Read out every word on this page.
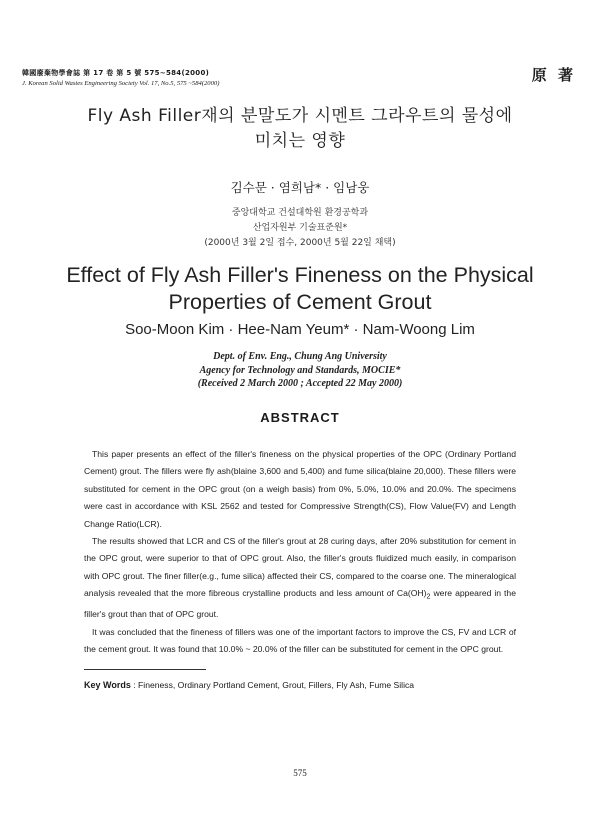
韓國廢棄物學會誌 第 17 卷 第 5 號 575~584(2000)
J. Korean Solid Wastes Engineering Society Vol. 17, No.5, 575 ~584(2000)	原 著
Fly Ash Filler재의 분말도가 시멘트 그라우트의 물성에
미치는 영향
김수문 · 염희남* · 임남웅
중앙대학교 건설대학원 환경공학과
산업자원부 기술표준원*
(2000년 3월 2일 접수, 2000년 5월 22일 채택)
Effect of Fly Ash Filler's Fineness on the Physical
Properties of Cement Grout
Soo-Moon Kim · Hee-Nam Yeum* · Nam-Woong Lim
Dept. of Env. Eng., Chung Ang University
Agency for Technology and Standards, MOCIE*
(Received 2 March 2000 ; Accepted 22 May 2000)
ABSTRACT

This paper presents an effect of the filler's fineness on the physical properties of the OPC (Ordinary Portland Cement) grout. The fillers were fly ash(blaine 3,600 and 5,400) and fume silica(blaine 20,000). These fillers were substituted for cement in the OPC grout (on a weigh basis) from 0%, 5.0%, 10.0% and 20.0%. The specimens were cast in accordance with KSL 2562 and tested for Compressive Strength(CS), Flow Value(FV) and Length Change Ratio(LCR).

The results showed that LCR and CS of the filler's grout at 28 curing days, after 20% substitution for cement in the OPC grout, were superior to that of OPC grout. Also, the filler's grouts fluidized much easily, in comparison with OPC grout. The finer filler(e.g., fume silica) affected their CS, compared to the coarse one. The mineralogical analysis revealed that the more fibreous crystalline products and less amount of $Ca(OH)_2$ were appeared in the filler's grout than that of OPC grout.

It was concluded that the fineness of fillers was one of the important factors to improve the CS, FV and LCR of the cement grout. It was found that 10.0% ~ 20.0% of the filler can be substituted for cement in the OPC grout.

Key Words : Fineness, Ordinary Portland Cement, Grout, Fillers, Fly Ash, Fume Silica
575
